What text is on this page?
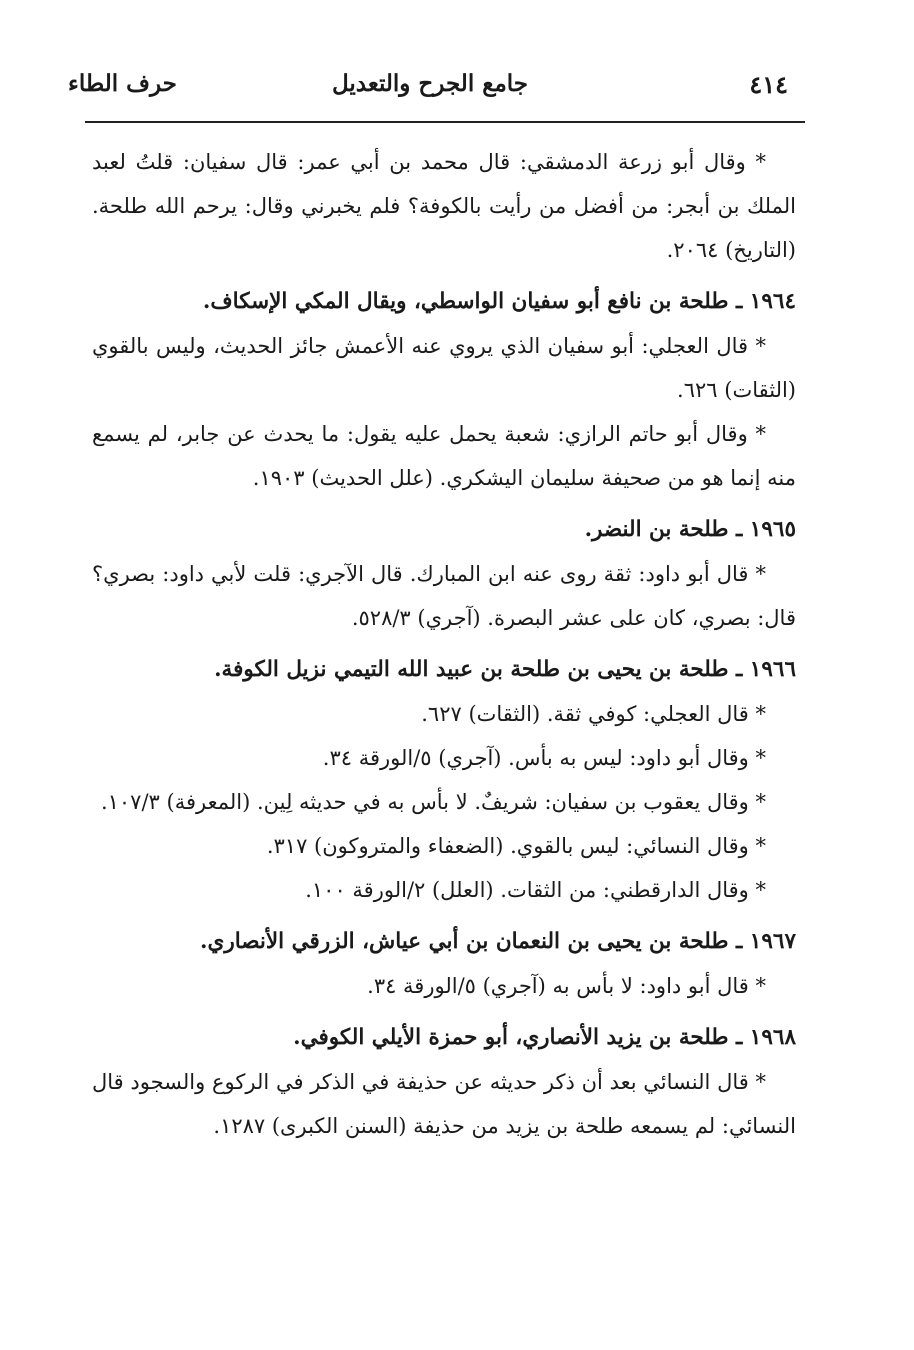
٤١٤
جامع الجرح والتعديل
حرف الطاء

* وقال أبو زرعة الدمشقي: قال محمد بن أبي عمر: قال سفيان: قلتُ لعبد الملك بن أبجر: من أفضل من رأيت بالكوفة؟ فلم يخبرني وقال: يرحم الله طلحة. (التاريخ) ٢٠٦٤.

١٩٦٤ ـ طلحة بن نافع أبو سفيان الواسطي، ويقال المكي الإسكاف.

* قال العجلي: أبو سفيان الذي يروي عنه الأعمش جائز الحديث، وليس بالقوي (الثقات) ٦٢٦.

* وقال أبو حاتم الرازي: شعبة يحمل عليه يقول: ما يحدث عن جابر، لم يسمع منه إنما هو من صحيفة سليمان اليشكري. (علل الحديث) ١٩٠٣.

١٩٦٥ ـ طلحة بن النضر.

* قال أبو داود: ثقة روى عنه ابن المبارك. قال الآجري: قلت لأبي داود: بصري؟ قال: بصري، كان على عشر البصرة. (آجري) ٥٢٨/٣.

١٩٦٦ ـ طلحة بن يحيى بن طلحة بن عبيد الله التيمي نزيل الكوفة.

* قال العجلي: كوفي ثقة. (الثقات) ٦٢٧.

* وقال أبو داود: ليس به بأس. (آجري) ٥/الورقة ٣٤.

* وقال يعقوب بن سفيان: شريفٌ. لا بأس به في حديثه لِين. (المعرفة) ١٠٧/٣.

* وقال النسائي: ليس بالقوي. (الضعفاء والمتروكون) ٣١٧.

* وقال الدارقطني: من الثقات. (العلل) ٢/الورقة ١٠٠.

١٩٦٧ ـ طلحة بن يحيى بن النعمان بن أبي عياش، الزرقي الأنصاري.

* قال أبو داود: لا بأس به (آجري) ٥/الورقة ٣٤.

١٩٦٨ ـ طلحة بن يزيد الأنصاري، أبو حمزة الأيلي الكوفي.

* قال النسائي بعد أن ذكر حديثه عن حذيفة في الذكر في الركوع والسجود قال النسائي: لم يسمعه طلحة بن يزيد من حذيفة (السنن الكبرى) ١٢٨٧.
